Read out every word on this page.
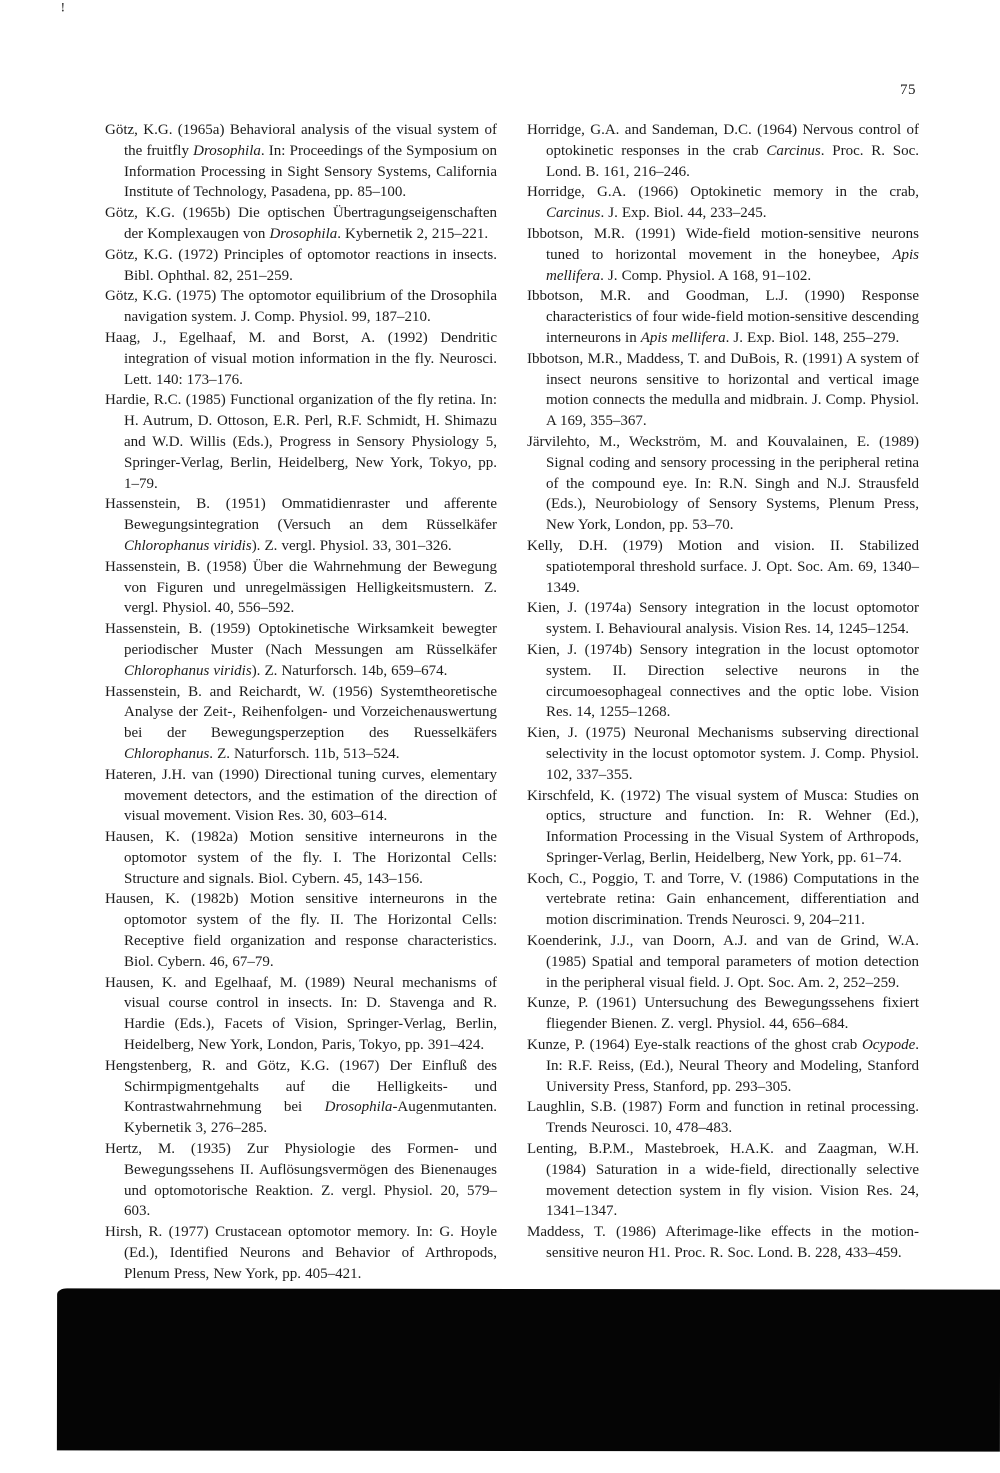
!
75

Götz, K.G. (1965a) Behavioral analysis of the visual system of the fruitfly Drosophila. In: Proceedings of the Symposium on Information Processing in Sight Sensory Systems, California Institute of Technology, Pasadena, pp. 85–100.

Götz, K.G. (1965b) Die optischen Übertragungseigenschaften der Komplexaugen von Drosophila. Kybernetik 2, 215–221.

Götz, K.G. (1972) Principles of optomotor reactions in insects. Bibl. Ophthal. 82, 251–259.

Götz, K.G. (1975) The optomotor equilibrium of the Drosophila navigation system. J. Comp. Physiol. 99, 187–210.

Haag, J., Egelhaaf, M. and Borst, A. (1992) Dendritic integration of visual motion information in the fly. Neurosci. Lett. 140: 173–176.

Hardie, R.C. (1985) Functional organization of the fly retina. In: H. Autrum, D. Ottoson, E.R. Perl, R.F. Schmidt, H. Shimazu and W.D. Willis (Eds.), Progress in Sensory Physiology 5, Springer-Verlag, Berlin, Heidelberg, New York, Tokyo, pp. 1–79.

Hassenstein, B. (1951) Ommatidienraster und afferente Bewegungsintegration (Versuch an dem Rüsselkäfer Chlorophanus viridis). Z. vergl. Physiol. 33, 301–326.

Hassenstein, B. (1958) Über die Wahrnehmung der Bewegung von Figuren und unregelmässigen Helligkeitsmustern. Z. vergl. Physiol. 40, 556–592.

Hassenstein, B. (1959) Optokinetische Wirksamkeit bewegter periodischer Muster (Nach Messungen am Rüsselkäfer Chlorophanus viridis). Z. Naturforsch. 14b, 659–674.

Hassenstein, B. and Reichardt, W. (1956) Systemtheoretische Analyse der Zeit-, Reihenfolgen- und Vorzeichenauswertung bei der Bewegungsperzeption des Ruesselkäfers Chlorophanus. Z. Naturforsch. 11b, 513–524.

Hateren, J.H. van (1990) Directional tuning curves, elementary movement detectors, and the estimation of the direction of visual movement. Vision Res. 30, 603–614.

Hausen, K. (1982a) Motion sensitive interneurons in the optomotor system of the fly. I. The Horizontal Cells: Structure and signals. Biol. Cybern. 45, 143–156.

Hausen, K. (1982b) Motion sensitive interneurons in the optomotor system of the fly. II. The Horizontal Cells: Receptive field organization and response characteristics. Biol. Cybern. 46, 67–79.

Hausen, K. and Egelhaaf, M. (1989) Neural mechanisms of visual course control in insects. In: D. Stavenga and R. Hardie (Eds.), Facets of Vision, Springer-Verlag, Berlin, Heidelberg, New York, London, Paris, Tokyo, pp. 391–424.

Hengstenberg, R. and Götz, K.G. (1967) Der Einfluß des Schirmpigmentgehalts auf die Helligkeits- und Kontrastwahrnehmung bei Drosophila-Augenmutanten. Kybernetik 3, 276–285.

Hertz, M. (1935) Zur Physiologie des Formen- und Bewegungssehens II. Auflösungsvermögen des Bienenauges und optomotorische Reaktion. Z. vergl. Physiol. 20, 579–603.

Hirsh, R. (1977) Crustacean optomotor memory. In: G. Hoyle (Ed.), Identified Neurons and Behavior of Arthropods, Plenum Press, New York, pp. 405–421.

Horridge, G.A. and Sandeman, D.C. (1964) Nervous control of optokinetic responses in the crab Carcinus. Proc. R. Soc. Lond. B. 161, 216–246.

Horridge, G.A. (1966) Optokinetic memory in the crab, Carcinus. J. Exp. Biol. 44, 233–245.

Ibbotson, M.R. (1991) Wide-field motion-sensitive neurons tuned to horizontal movement in the honeybee, Apis mellifera. J. Comp. Physiol. A 168, 91–102.

Ibbotson, M.R. and Goodman, L.J. (1990) Response characteristics of four wide-field motion-sensitive descending interneurons in Apis mellifera. J. Exp. Biol. 148, 255–279.

Ibbotson, M.R., Maddess, T. and DuBois, R. (1991) A system of insect neurons sensitive to horizontal and vertical image motion connects the medulla and midbrain. J. Comp. Physiol. A 169, 355–367.

Järvilehto, M., Weckström, M. and Kouvalainen, E. (1989) Signal coding and sensory processing in the peripheral retina of the compound eye. In: R.N. Singh and N.J. Strausfeld (Eds.), Neurobiology of Sensory Systems, Plenum Press, New York, London, pp. 53–70.

Kelly, D.H. (1979) Motion and vision. II. Stabilized spatiotemporal threshold surface. J. Opt. Soc. Am. 69, 1340–1349.

Kien, J. (1974a) Sensory integration in the locust optomotor system. I. Behavioural analysis. Vision Res. 14, 1245–1254.

Kien, J. (1974b) Sensory integration in the locust optomotor system. II. Direction selective neurons in the circumoesophageal connectives and the optic lobe. Vision Res. 14, 1255–1268.

Kien, J. (1975) Neuronal Mechanisms subserving directional selectivity in the locust optomotor system. J. Comp. Physiol. 102, 337–355.

Kirschfeld, K. (1972) The visual system of Musca: Studies on optics, structure and function. In: R. Wehner (Ed.), Information Processing in the Visual System of Arthropods, Springer-Verlag, Berlin, Heidelberg, New York, pp. 61–74.

Koch, C., Poggio, T. and Torre, V. (1986) Computations in the vertebrate retina: Gain enhancement, differentiation and motion discrimination. Trends Neurosci. 9, 204–211.

Koenderink, J.J., van Doorn, A.J. and van de Grind, W.A. (1985) Spatial and temporal parameters of motion detection in the peripheral visual field. J. Opt. Soc. Am. 2, 252–259.

Kunze, P. (1961) Untersuchung des Bewegungssehens fixiert fliegender Bienen. Z. vergl. Physiol. 44, 656–684.

Kunze, P. (1964) Eye-stalk reactions of the ghost crab Ocypode. In: R.F. Reiss, (Ed.), Neural Theory and Modeling, Stanford University Press, Stanford, pp. 293–305.

Laughlin, S.B. (1987) Form and function in retinal processing. Trends Neurosci. 10, 478–483.

Lenting, B.P.M., Mastebroek, H.A.K. and Zaagman, W.H. (1984) Saturation in a wide-field, directionally selective movement detection system in fly vision. Vision Res. 24, 1341–1347.

Maddess, T. (1986) Afterimage-like effects in the motion-sensitive neuron H1. Proc. R. Soc. Lond. B. 228, 433–459.
